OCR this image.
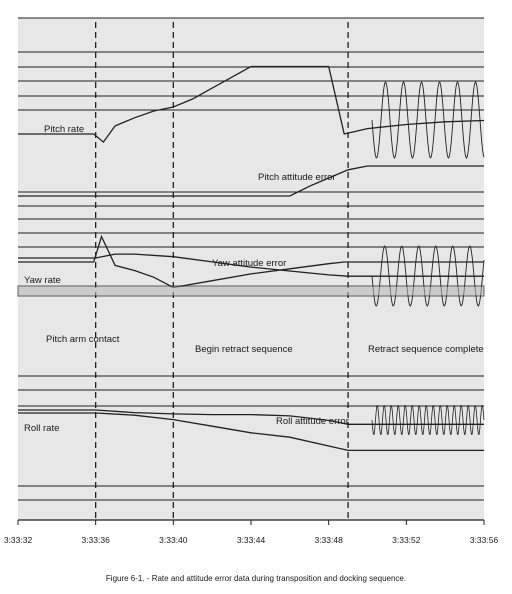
Pitch rate
Pitch attitude error
Yaw attitude error
Yaw rate
Pitch arm contact
Begin retract sequence	Retract sequence complete
Roll attitude error
Roll rate
3:33:32	3:33:36	3:33:40	3:33:44	3:33:48	3:33:52	3:33:56
Figure 6-1. - Rate and attitude error data during transposition and docking sequence.
